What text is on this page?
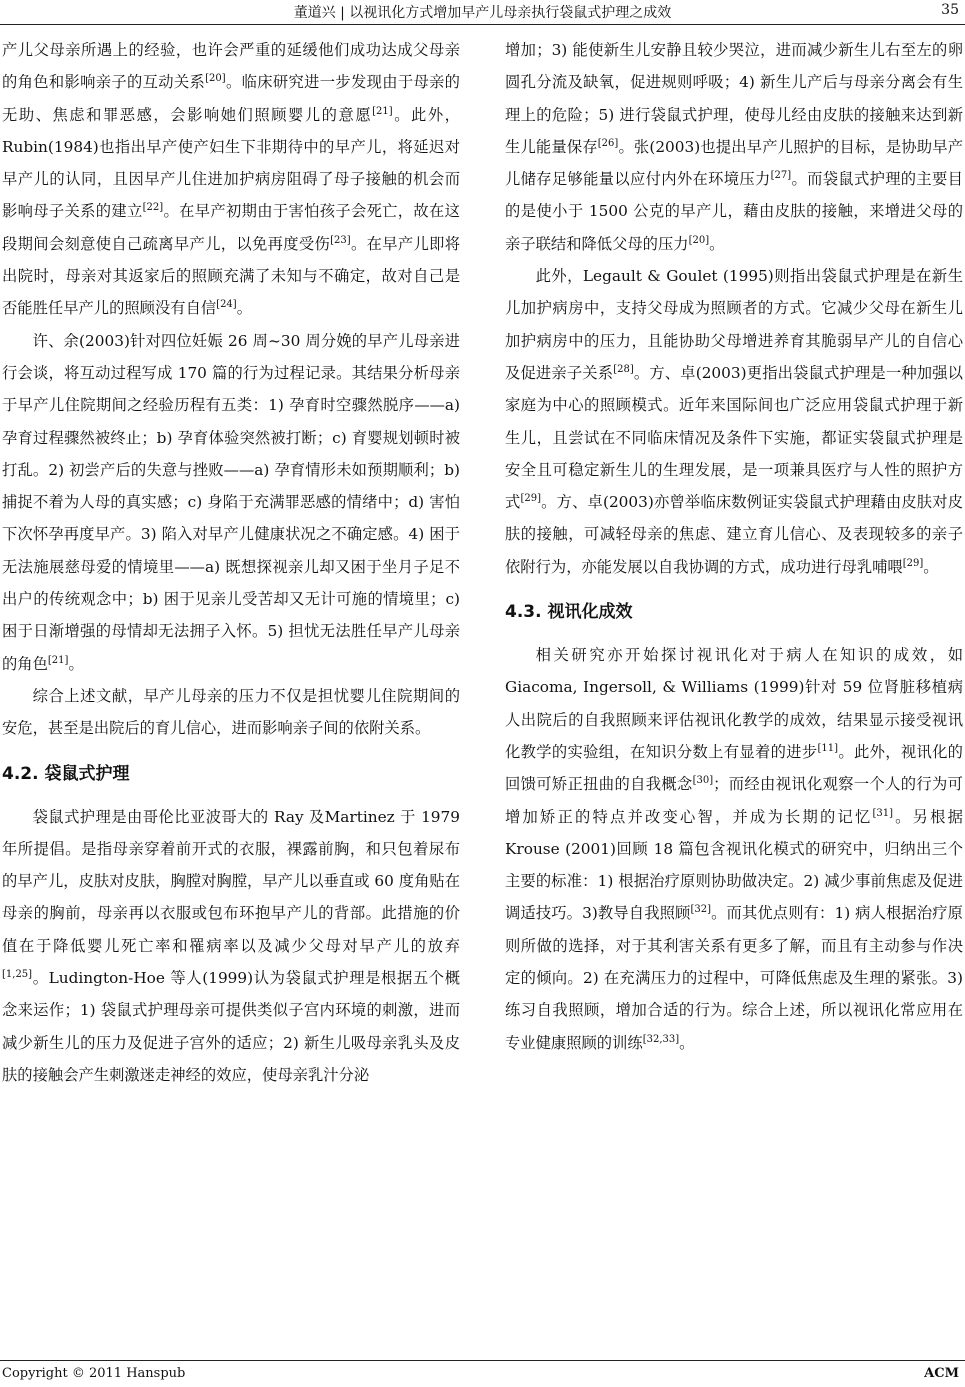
董道兴 | 以视讯化方式增加早产儿母亲执行袋鼠式护理之成效	35

产儿父母亲所遇上的经验，也许会严重的延缓他们成功达成父母亲的角色和影响亲子的互动关系[20]。临床研究进一步发现由于母亲的无助、焦虑和罪恶感，会影响她们照顾婴儿的意愿[21]。此外，Rubin(1984)也指出早产使产妇生下非期待中的早产儿，将延迟对早产儿的认同，且因早产儿住进加护病房阻碍了母子接触的机会而影响母子关系的建立[22]。在早产初期由于害怕孩子会死亡，故在这段期间会刻意使自己疏离早产儿，以免再度受伤[23]。在早产儿即将出院时，母亲对其返家后的照顾充满了未知与不确定，故对自己是否能胜任早产儿的照顾没有自信[24]。

许、余(2003)针对四位妊娠 26 周~30 周分娩的早产儿母亲进行会谈，将互动过程写成 170 篇的行为过程记录。其结果分析母亲于早产儿住院期间之经验历程有五类：1) 孕育时空骤然脱序——a) 孕育过程骤然被终止；b) 孕育体验突然被打断；c) 育婴规划顿时被打乱。2) 初尝产后的失意与挫败——a) 孕育情形未如预期顺利；b) 捕捉不着为人母的真实感；c) 身陷于充满罪恶感的情绪中；d) 害怕下次怀孕再度早产。3) 陷入对早产儿健康状况之不确定感。4) 困于无法施展慈母爱的情境里——a) 既想探视亲儿却又困于坐月子足不出户的传统观念中；b) 困于见亲儿受苦却又无计可施的情境里；c) 困于日渐增强的母情却无法拥子入怀。5) 担忧无法胜任早产儿母亲的角色[21]。

综合上述文献，早产儿母亲的压力不仅是担忧婴儿住院期间的安危，甚至是出院后的育儿信心，进而影响亲子间的依附关系。

4.2. 袋鼠式护理

袋鼠式护理是由哥伦比亚波哥大的 Ray 及Martinez 于 1979 年所提倡。是指母亲穿着前开式的衣服，裸露前胸，和只包着尿布的早产儿，皮肤对皮肤，胸膛对胸膛，早产儿以垂直或 60 度角贴在母亲的胸前，母亲再以衣服或包布环抱早产儿的背部。此措施的价值在于降低婴儿死亡率和罹病率以及减少父母对早产儿的放弃[1,25]。Ludington-Hoe 等人(1999)认为袋鼠式护理是根据五个概念来运作；1) 袋鼠式护理母亲可提供类似子宫内环境的刺激，进而减少新生儿的压力及促进子宫外的适应；2) 新生儿吸母亲乳头及皮肤的接触会产生刺激迷走神经的效应，使母亲乳汁分泌

增加；3) 能使新生儿安静且较少哭泣，进而减少新生儿右至左的卵圆孔分流及缺氧，促进规则呼吸；4) 新生儿产后与母亲分离会有生理上的危险；5) 进行袋鼠式护理，使母儿经由皮肤的接触来达到新生儿能量保存[26]。张(2003)也提出早产儿照护的目标，是协助早产儿储存足够能量以应付内外在环境压力[27]。而袋鼠式护理的主要目的是使小于 1500 公克的早产儿，藉由皮肤的接触，来增进父母的亲子联结和降低父母的压力[20]。

此外，Legault & Goulet (1995)则指出袋鼠式护理是在新生儿加护病房中，支持父母成为照顾者的方式。它减少父母在新生儿加护病房中的压力，且能协助父母增进养育其脆弱早产儿的自信心及促进亲子关系[28]。方、卓(2003)更指出袋鼠式护理是一种加强以家庭为中心的照顾模式。近年来国际间也广泛应用袋鼠式护理于新生儿，且尝试在不同临床情况及条件下实施，都证实袋鼠式护理是安全且可稳定新生儿的生理发展，是一项兼具医疗与人性的照护方式[29]。方、卓(2003)亦曾举临床数例证实袋鼠式护理藉由皮肤对皮肤的接触，可减轻母亲的焦虑、建立育儿信心、及表现较多的亲子依附行为，亦能发展以自我协调的方式，成功进行母乳哺喂[29]。

4.3. 视讯化成效

相关研究亦开始探讨视讯化对于病人在知识的成效，如 Giacoma, Ingersoll, & Williams (1999)针对 59 位肾脏移植病人出院后的自我照顾来评估视讯化教学的成效，结果显示接受视讯化教学的实验组，在知识分数上有显着的进步[11]。此外，视讯化的回馈可矫正扭曲的自我概念[30]；而经由视讯化观察一个人的行为可增加矫正的特点并改变心智，并成为长期的记忆[31]。另根据 Krouse (2001)回顾 18 篇包含视讯化模式的研究中，归纳出三个主要的标准：1) 根据治疗原则协助做决定。2) 减少事前焦虑及促进调适技巧。3)教导自我照顾[32]。而其优点则有：1) 病人根据治疗原则所做的选择，对于其利害关系有更多了解，而且有主动参与作决定的倾向。2) 在充满压力的过程中，可降低焦虑及生理的紧张。3) 练习自我照顾，增加合适的行为。综合上述，所以视讯化常应用在专业健康照顾的训练[32,33]。

Copyright © 2011 Hanspub	ACM
